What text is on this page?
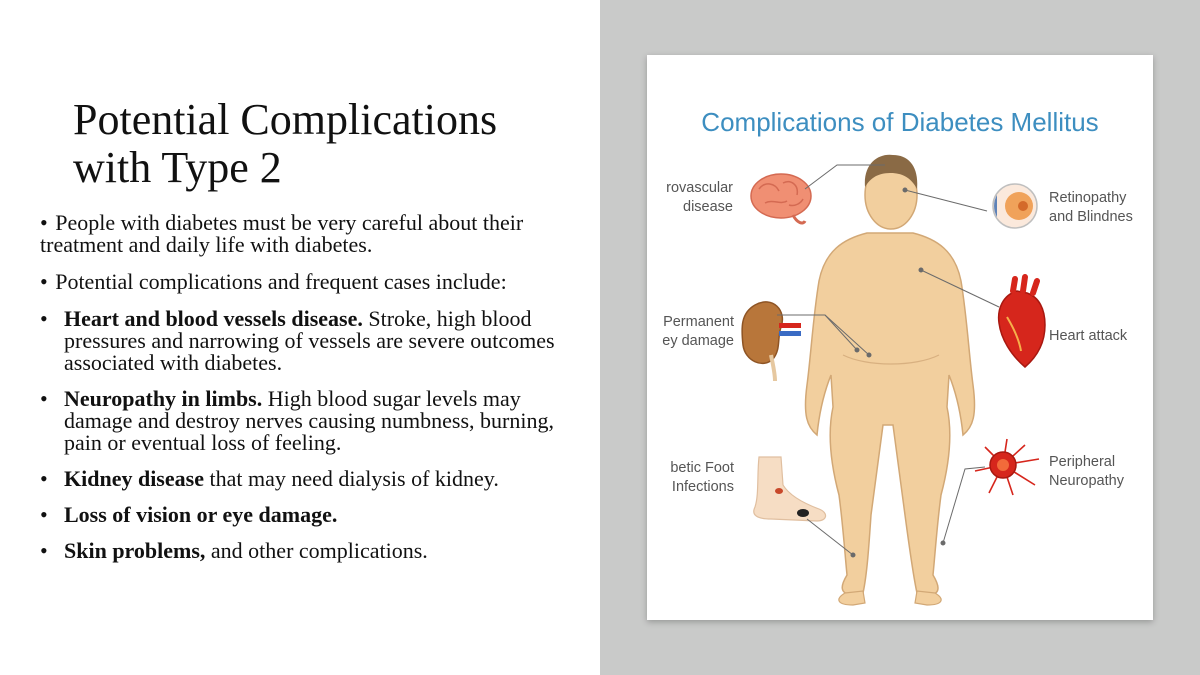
Potential Complications
with Type 2
• People with diabetes must be very careful about their treatment and daily life with diabetes.
• Potential complications and frequent cases include:
• Heart and blood vessels disease. Stroke, high blood pressures and narrowing of vessels are severe outcomes associated with diabetes.
• Neuropathy in limbs. High blood sugar levels may damage and destroy nerves causing numbness, burning, pain or eventual loss of feeling.
• Kidney disease that may need dialysis of kidney.
• Loss of vision or eye damage.
• Skin problems, and other complications.
Complications of Diabetes Mellitus
rovascular
disease
Retinopathy
and Blindnes
Permanent
ey damage	Heart attack
betic Foot
Infections
Peripheral
Neuropathy
